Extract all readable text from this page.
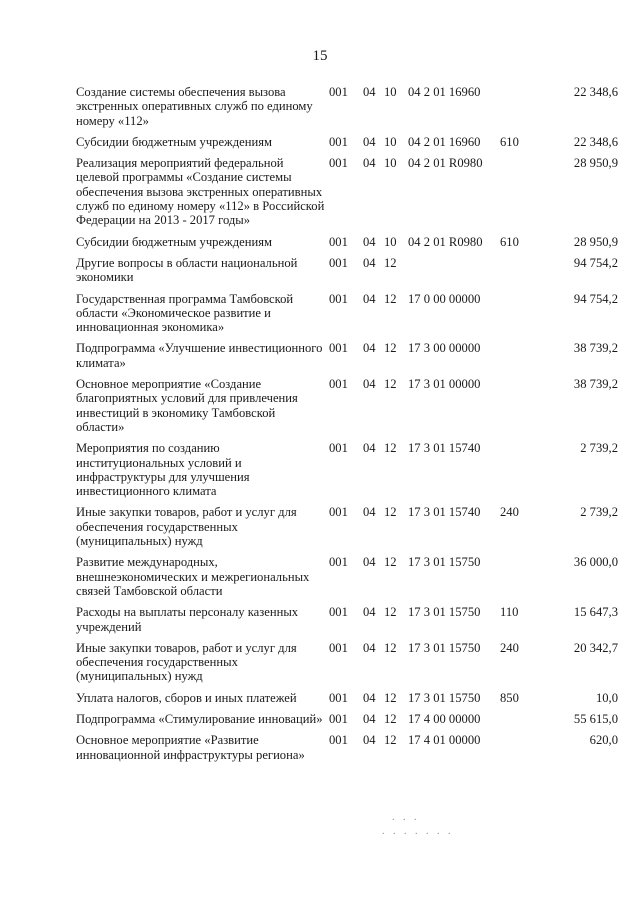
15
Создание системы обеспечения вызова экстренных оперативных служб по единому номеру «112»	001	04	10	04 2 01 16960		22 348,6
Субсидии бюджетным учреждениям	001	04	10	04 2 01 16960	610	22 348,6
Реализация мероприятий федеральной целевой программы «Создание системы обеспечения вызова экстренных оперативных служб по единому номеру «112» в Российской Федерации на 2013 - 2017 годы»	001	04	10	04 2 01 R0980		28 950,9
Субсидии бюджетным учреждениям	001	04	10	04 2 01 R0980	610	28 950,9
Другие вопросы в области национальной экономики	001	04	12			94 754,2
Государственная программа Тамбовской области «Экономическое развитие и инновационная экономика»	001	04	12	17 0 00 00000		94 754,2
Подпрограмма «Улучшение инвестиционного климата»	001	04	12	17 3 00 00000		38 739,2
Основное мероприятие «Создание благоприятных условий для привлечения инвестиций в экономику Тамбовской области»	001	04	12	17 3 01 00000		38 739,2
Мероприятия по созданию институциональных условий и инфраструктуры для улучшения инвестиционного климата	001	04	12	17 3 01 15740		2 739,2
Иные закупки товаров, работ и услуг для обеспечения государственных (муниципальных) нужд	001	04	12	17 3 01 15740	240	2 739,2
Развитие международных, внешнеэкономических и межрегиональных связей Тамбовской области	001	04	12	17 3 01 15750		36 000,0
Расходы на выплаты персоналу казенных учреждений	001	04	12	17 3 01 15750	110	15 647,3
Иные закупки товаров, работ и услуг для обеспечения государственных (муниципальных) нужд	001	04	12	17 3 01 15750	240	20 342,7
Уплата налогов, сборов и иных платежей	001	04	12	17 3 01 15750	850	10,0
Подпрограмма «Стимулирование инноваций»	001	04	12	17 4 00 00000		55 615,0
Основное мероприятие «Развитие инновационной инфраструктуры региона»	001	04	12	17 4 01 00000		620,0
. . .
. . . . . . .
